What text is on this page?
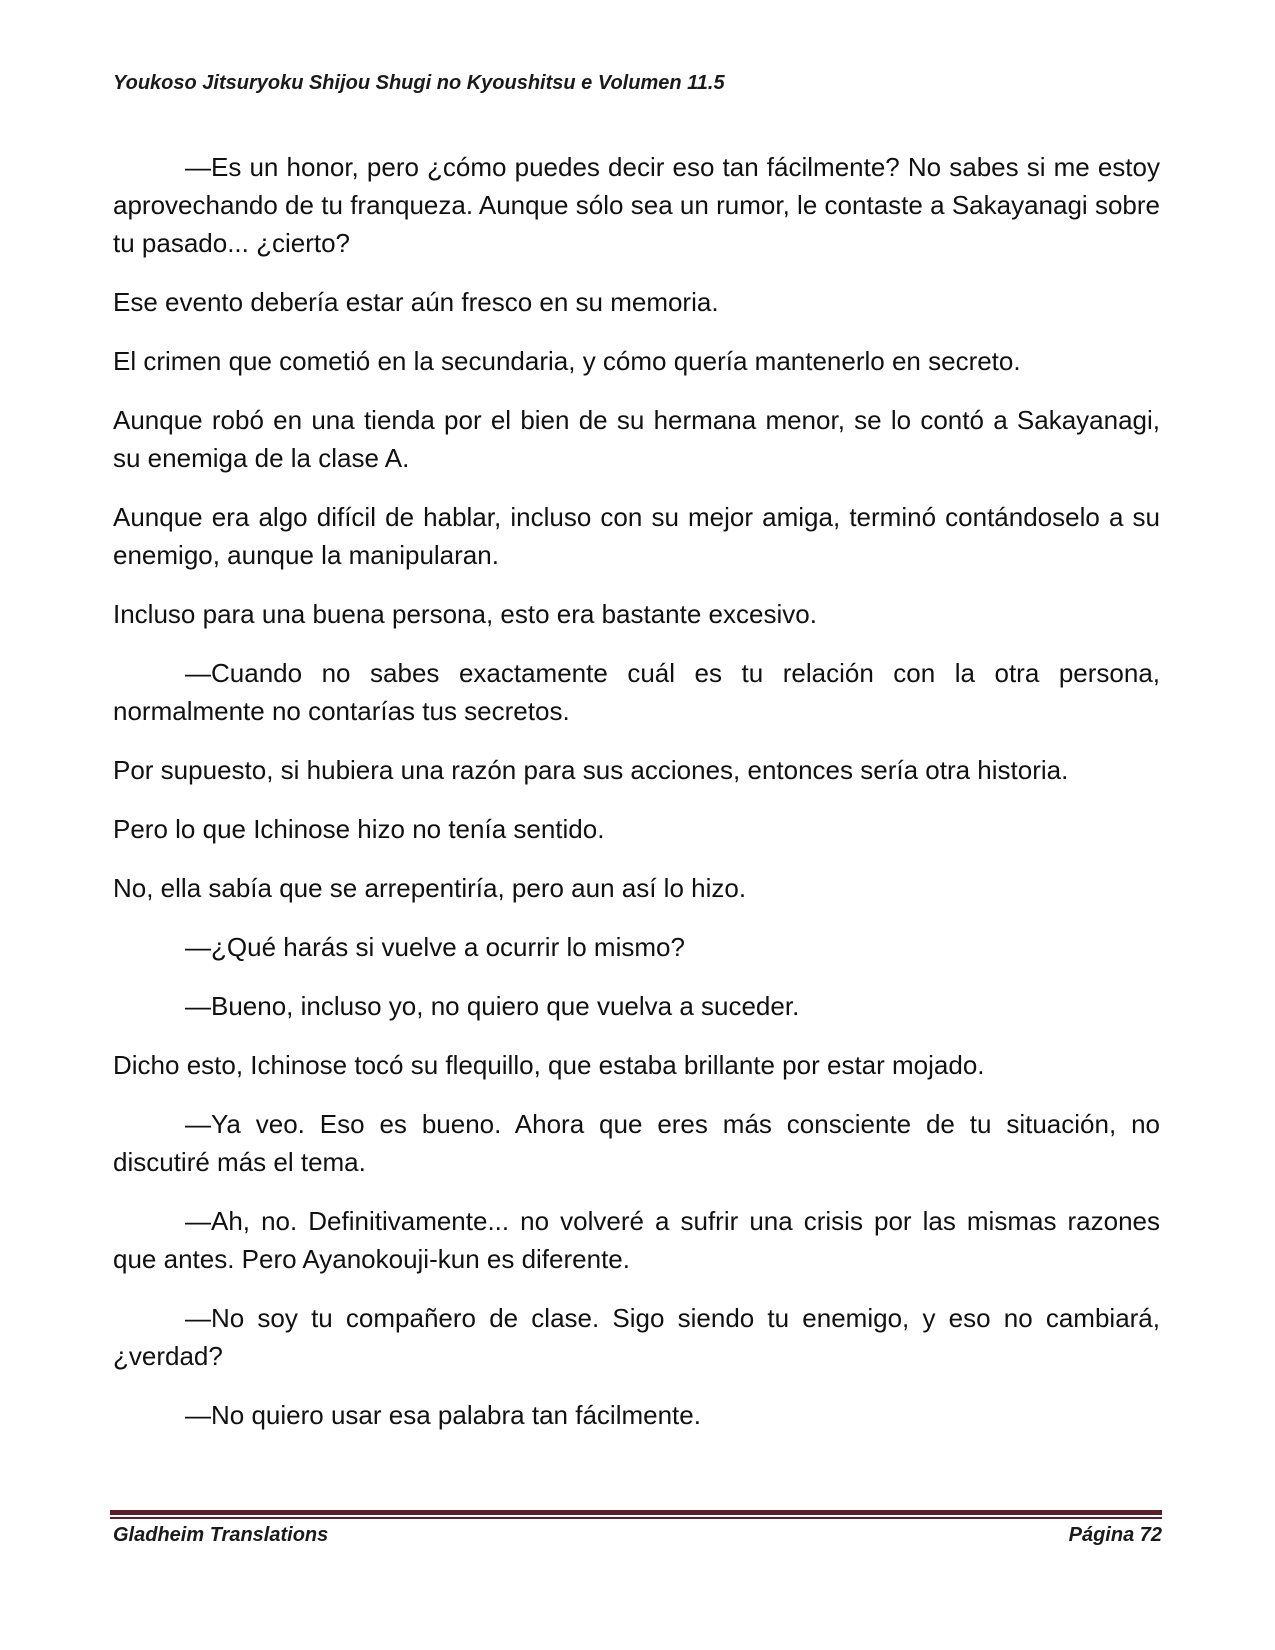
Youkoso Jitsuryoku Shijou Shugi no Kyoushitsu e Volumen 11.5

—Es un honor, pero ¿cómo puedes decir eso tan fácilmente? No sabes si me estoy aprovechando de tu franqueza. Aunque sólo sea un rumor, le contaste a Sakayanagi sobre tu pasado... ¿cierto?

Ese evento debería estar aún fresco en su memoria.

El crimen que cometió en la secundaria, y cómo quería mantenerlo en secreto.

Aunque robó en una tienda por el bien de su hermana menor, se lo contó a Sakayanagi, su enemiga de la clase A.

Aunque era algo difícil de hablar, incluso con su mejor amiga, terminó contándoselo a su enemigo, aunque la manipularan.

Incluso para una buena persona, esto era bastante excesivo.

—Cuando no sabes exactamente cuál es tu relación con la otra persona, normalmente no contarías tus secretos.

Por supuesto, si hubiera una razón para sus acciones, entonces sería otra historia.

Pero lo que Ichinose hizo no tenía sentido.

No, ella sabía que se arrepentiría, pero aun así lo hizo.

—¿Qué harás si vuelve a ocurrir lo mismo?

—Bueno, incluso yo, no quiero que vuelva a suceder.

Dicho esto, Ichinose tocó su flequillo, que estaba brillante por estar mojado.

—Ya veo. Eso es bueno. Ahora que eres más consciente de tu situación, no discutiré más el tema.

—Ah, no. Definitivamente... no volveré a sufrir una crisis por las mismas razones que antes. Pero Ayanokouji-kun es diferente.

—No soy tu compañero de clase. Sigo siendo tu enemigo, y eso no cambiará, ¿verdad?

—No quiero usar esa palabra tan fácilmente.

Gladheim Translations	Página 72
